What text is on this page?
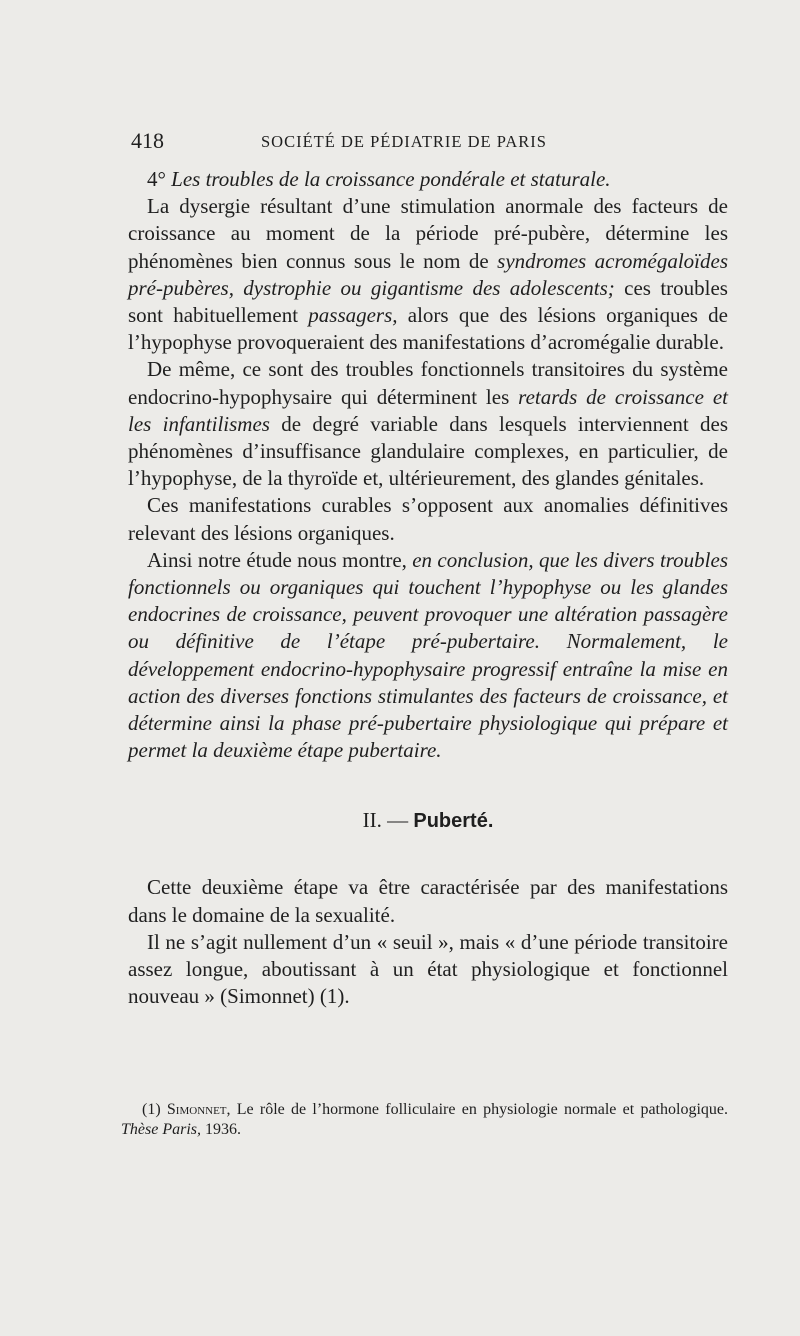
418	SOCIÉTÉ DE PÉDIATRIE DE PARIS

4° Les troubles de la croissance pondérale et staturale.

La dysergie résultant d’une stimulation anormale des facteurs de croissance au moment de la période pré-pubère, détermine les phénomènes bien connus sous le nom de syndromes acromégaloïdes pré-pubères, dystrophie ou gigantisme des adolescents; ces troubles sont habituellement passagers, alors que des lésions organiques de l’hypophyse provoqueraient des manifestations d’acromégalie durable.

De même, ce sont des troubles fonctionnels transitoires du système endocrino-hypophysaire qui déterminent les retards de croissance et les infantilismes de degré variable dans lesquels interviennent des phénomènes d’insuffisance glandulaire complexes, en particulier, de l’hypophyse, de la thyroïde et, ultérieurement, des glandes génitales.

Ces manifestations curables s’opposent aux anomalies définitives relevant des lésions organiques.

Ainsi notre étude nous montre, en conclusion, que les divers troubles fonctionnels ou organiques qui touchent l’hypophyse ou les glandes endocrines de croissance, peuvent provoquer une altération passagère ou définitive de l’étape pré-pubertaire. Normalement, le développement endocrino-hypophysaire progressif entraîne la mise en action des diverses fonctions stimulantes des facteurs de croissance, et détermine ainsi la phase pré-pubertaire physiologique qui prépare et permet la deuxième étape pubertaire.

II. — Puberté.

Cette deuxième étape va être caractérisée par des manifestations dans le domaine de la sexualité.

Il ne s’agit nullement d’un « seuil », mais « d’une période transitoire assez longue, aboutissant à un état physiologique et fonctionnel nouveau » (Simonnet) (1).

(1) Simonnet, Le rôle de l’hormone folliculaire en physiologie normale et pathologique. Thèse Paris, 1936.
